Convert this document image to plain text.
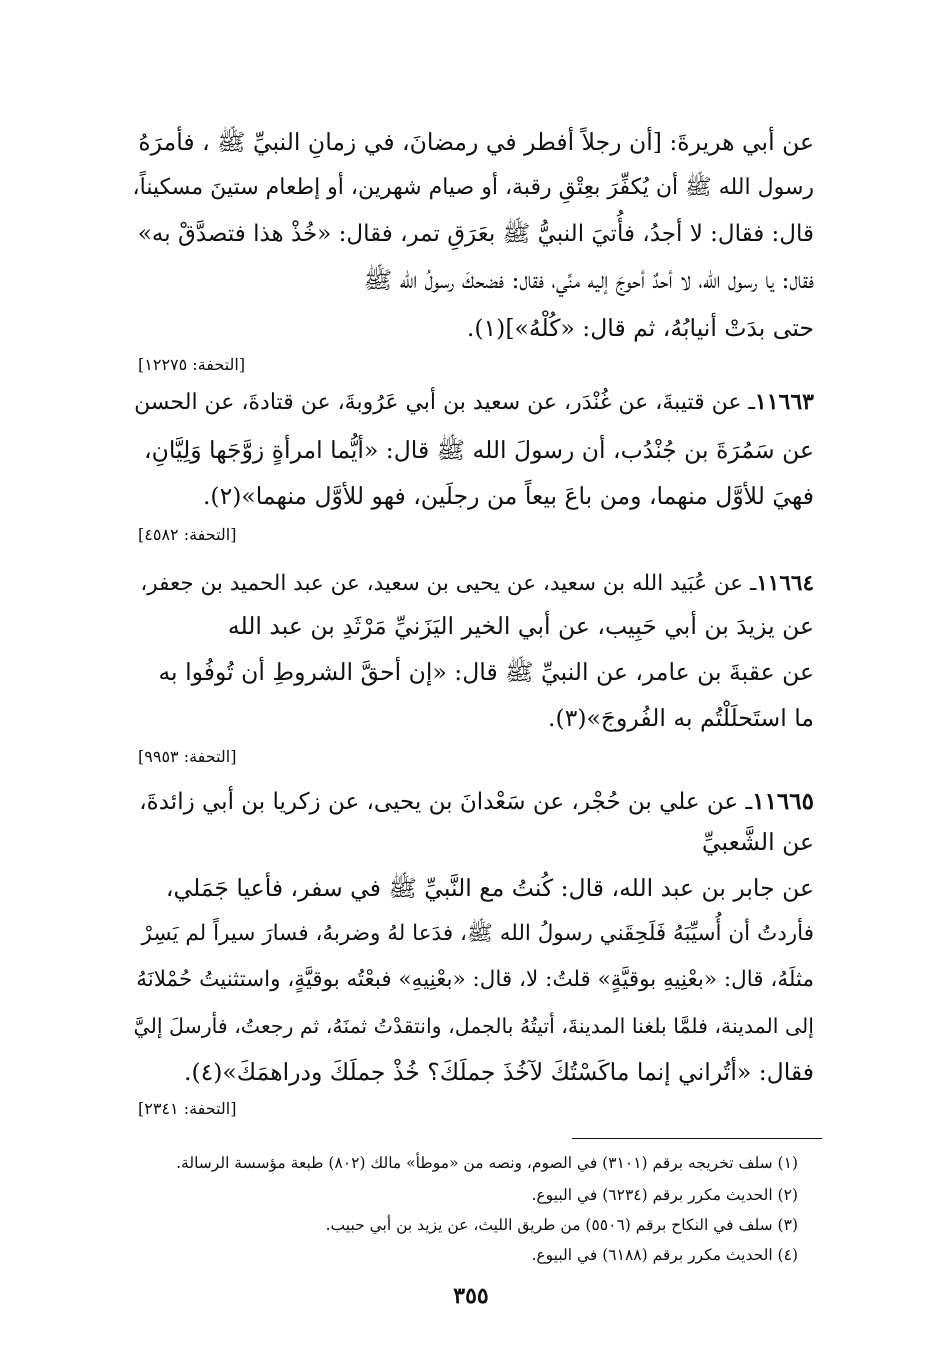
عن أبي هريرةَ: [أن رجلاً أفطر في رمضانَ، في زمانِ النبيِّ ﷺ ، فأمرَهُ

رسول الله ﷺ أن يُكفِّرَ بعِتْقِ رقبة، أو صيام شهرين، أو إطعام ستينَ مسكيناً،

قال: فقال: لا أجدُ، فأُتيَ النبيُّ ﷺ بعَرَقِ تمر، فقال: «خُذْ هذا فتصدَّقْ به»

فقال: يا رسول الله، لا أحدٌ أحوجَ إليه منِّي، فقال: فضحكَ رسولُ الله ﷺ

حتى بدَتْ أنيابُهُ، ثم قال: «كُلْهُ»](١).

[التحفة: ١٢٢٧٥]

١١٦٦٣ـ عن قتيبةَ، عن غُنْدَر، عن سعيد بن أبي عَرُوبةَ، عن قتادةَ، عن الحسن

عن سَمُرَةَ بن جُنْدُب، أن رسولَ الله ﷺ قال: «أيُّما امرأةٍ زوَّجَها وَلِيَّانِ،

فهيَ للأوَّل منهما، ومن باعَ بيعاً من رجلَين، فهو للأوَّل منهما»(٢).

[التحفة: ٤٥٨٢]

١١٦٦٤ـ عن عُبَيد الله بن سعيد، عن يحيى بن سعيد، عن عبد الحميد بن جعفر،

عن يزيدَ بن أبي حَبِيب، عن أبي الخير اليَزَنيِّ مَرْثَدِ بن عبد الله

عن عقبةَ بن عامر، عن النبيِّ ﷺ قال: «إن أحقَّ الشروطِ أن تُوفُوا به

ما استَحلَلْتُم به الفُروجَ»(٣).

[التحفة: ٩٩٥٣]

١١٦٦٥ـ عن علي بن حُجْر، عن سَعْدانَ بن يحيى، عن زكريا بن أبي زائدةَ،

عن الشَّعبيِّ

عن جابر بن عبد الله، قال: كُنتُ مع النَّبيِّ ﷺ في سفر، فأعيا جَمَلي،

فأردتُ أن أُسيِّبَهُ فَلَحِقَني رسولُ الله ﷺ، فدَعا لهُ وضربهُ، فسارَ سيراً لم يَسِرْ

مثلَهُ، قال: «بعْنِيهِ بوقيَّةٍ» قلتُ: لا، قال: «بعْنِيهِ» فبعْتُه بوقيَّةٍ، واستثنيتُ حُمْلانَهُ

إلى المدينة، فلمَّا بلغنا المدينةَ، أتيتُهُ بالجمل، وانتقدْتُ ثمنَهُ، ثم رجعتُ، فأرسلَ إليَّ

فقال: «أتُراني إنما ماكَسْتُكَ لآخُذَ جملَكَ؟ خُذْ جملَكَ ودراهمَكَ»(٤).

[التحفة: ٢٣٤١]
(١) سلف تخريجه برقم (٣١٠١) في الصوم، ونصه من «موطأ» مالك (٨٠٢) طبعة مؤسسة الرسالة.
(٢) الحديث مكرر برقم (٦٢٣٤) في البيوع.
(٣) سلف في النكاح برقم (٥٥٠٦) من طريق الليث، عن يزيد بن أبي حبيب.
(٤) الحديث مكرر برقم (٦١٨٨) في البيوع.
٣٥٥
